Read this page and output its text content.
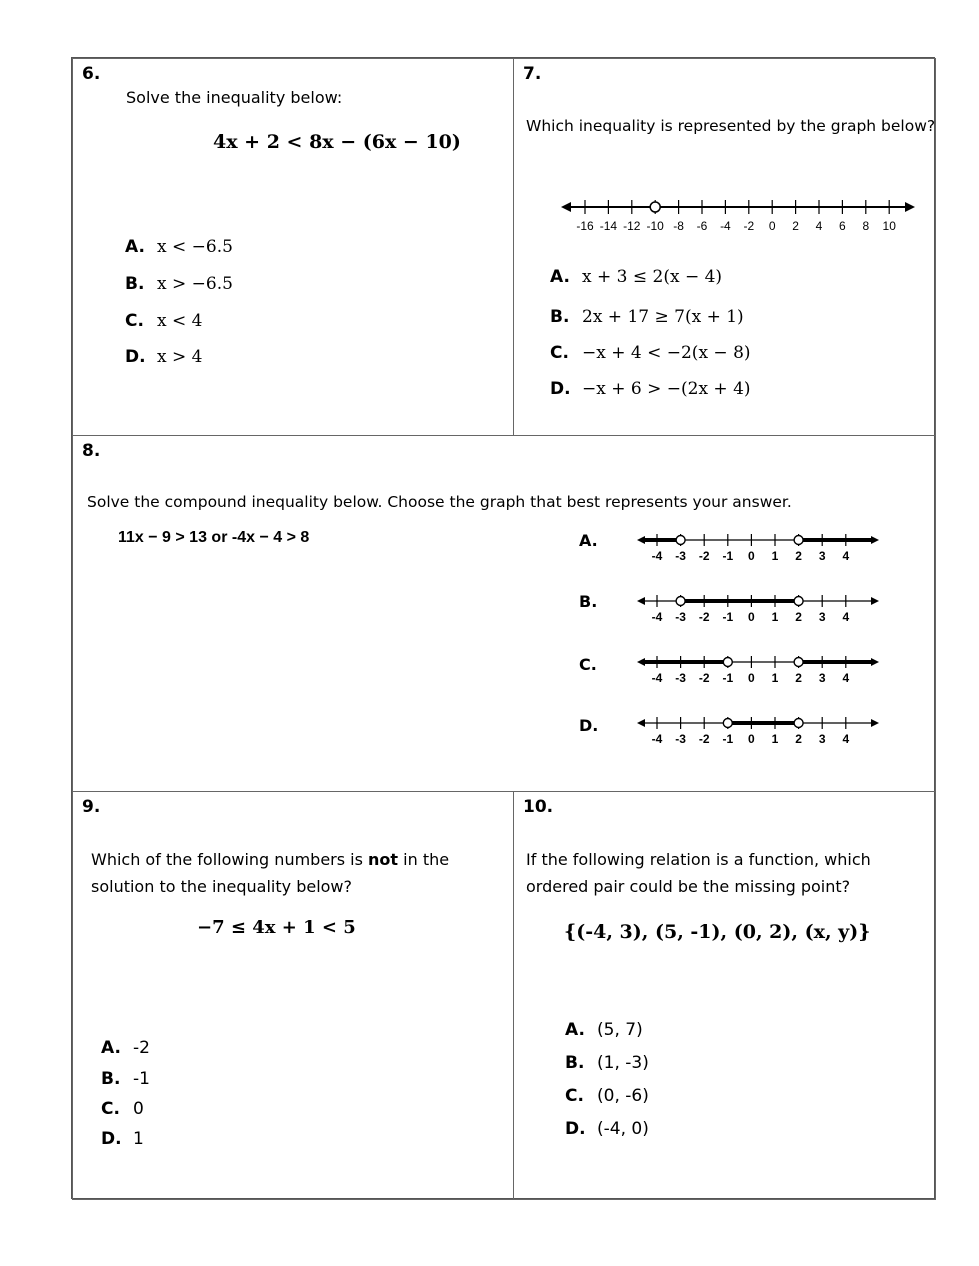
6.
Solve the inequality below:
4x + 2 < 8x − (6x − 10)
A. x < −6.5
B. x > −6.5
C. x < 4
D. x > 4
7.
Which inequality is represented by the graph below?
-16 -14 -12 -10 -8 -6 -4 -2 0 2 4 6 8 10
A. x + 3 ≤ 2(x − 4)
B. 2x + 17 ≥ 7(x + 1)
C. −x + 4 < −2(x − 8)
D. −x + 6 > −(2x + 4)
8.
Solve the compound inequality below. Choose the graph that best represents your answer.
11x − 9 > 13 or -4x − 4 > 8	A.
B.
C.
D.
-4 -3 -2 -1 0 1 2 3 4
-4 -3 -2 -1 0 1 2 3 4
-4 -3 -2 -1 0 1 2 3 4
-4 -3 -2 -1 0 1 2 3 4
9.
Which of the following numbers is not in the
solution to the inequality below?
−7 ≤ 4x + 1 < 5
A. -2
B. -1
C. 0
D. 1
10.
If the following relation is a function, which
ordered pair could be the missing point?
{(-4, 3), (5, -1), (0, 2), (x, y)}
A. (5, 7)
B. (1, -3)
C. (0, -6)
D. (-4, 0)
